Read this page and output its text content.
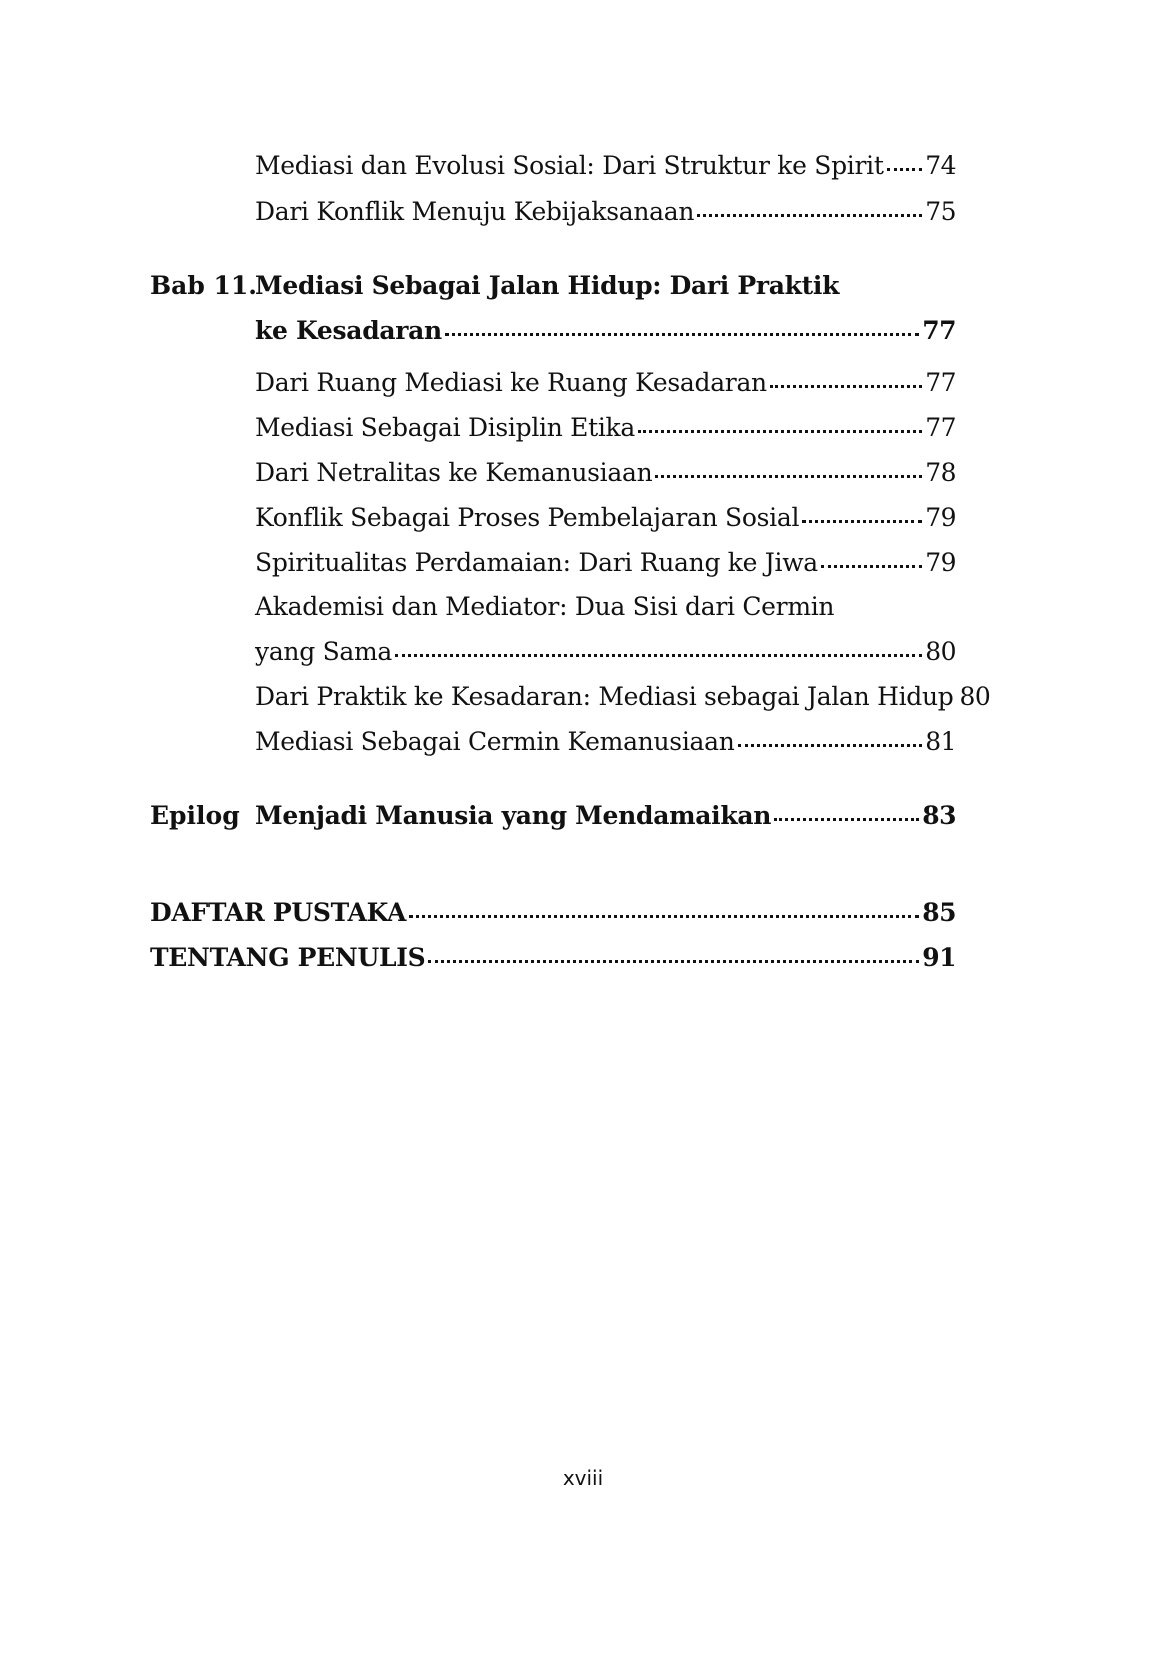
Mediasi dan Evolusi Sosial: Dari Struktur ke Spirit 74
Dari Konflik Menuju Kebijaksanaan	75
Bab 11.
Mediasi Sebagai Jalan Hidup: Dari Praktik
ke Kesadaran	77
Dari Ruang Mediasi ke Ruang Kesadaran	77
Mediasi Sebagai Disiplin Etika	77
Dari Netralitas ke Kemanusiaan	78
Konflik Sebagai Proses Pembelajaran Sosial	79
Spiritualitas Perdamaian: Dari Ruang ke Jiwa	79
Akademisi dan Mediator: Dua Sisi dari Cermin
yang Sama	80
Dari Praktik ke Kesadaran: Mediasi sebagai Jalan Hidup 80
Mediasi Sebagai Cermin Kemanusiaan	81
Epilog Menjadi Manusia yang Mendamaikan	83
DAFTAR PUSTAKA	85
TENTANG PENULIS	91
xviii
